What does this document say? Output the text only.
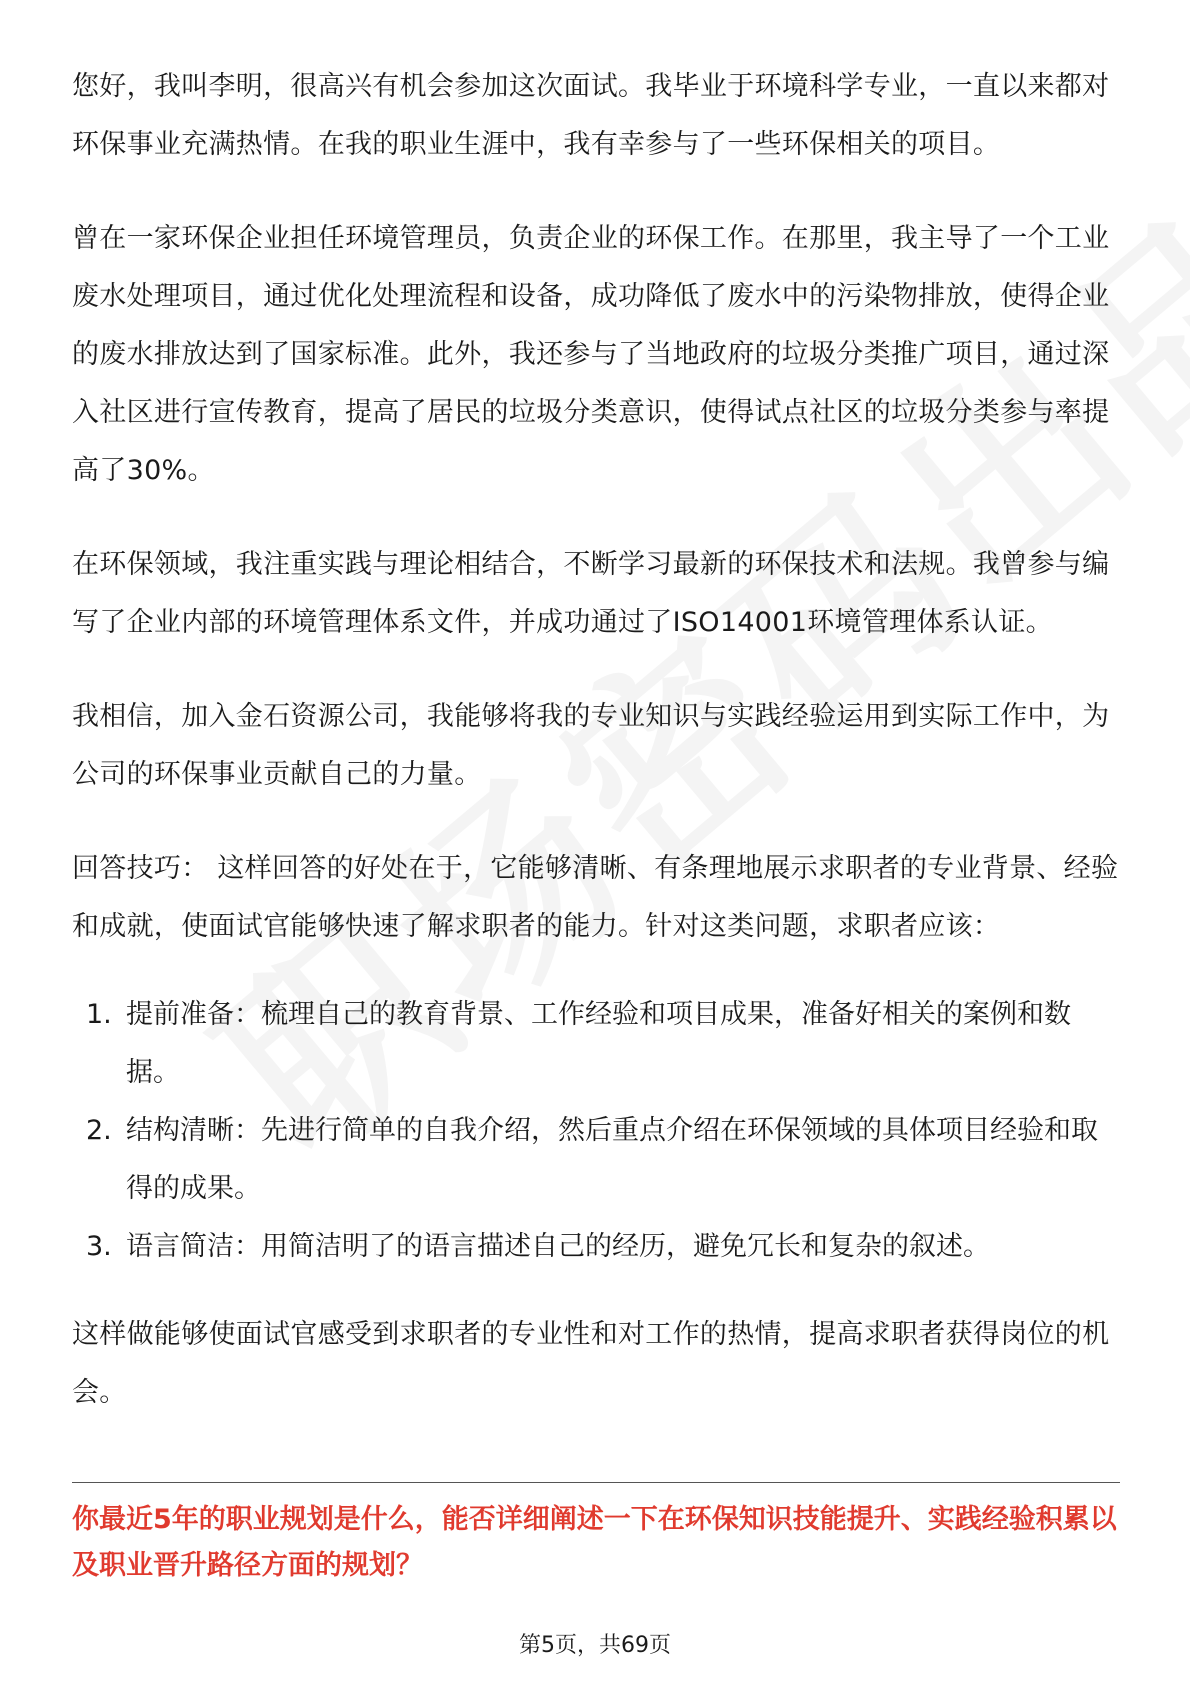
您好，我叫李明，很高兴有机会参加这次面试。我毕业于环境科学专业，一直以来都对环保事业充满热情。在我的职业生涯中，我有幸参与了一些环保相关的项目。

曾在一家环保企业担任环境管理员，负责企业的环保工作。在那里，我主导了一个工业废水处理项目，通过优化处理流程和设备，成功降低了废水中的污染物排放，使得企业的废水排放达到了国家标准。此外，我还参与了当地政府的垃圾分类推广项目，通过深入社区进行宣传教育，提高了居民的垃圾分类意识，使得试点社区的垃圾分类参与率提高了30%。

在环保领域，我注重实践与理论相结合，不断学习最新的环保技术和法规。我曾参与编写了企业内部的环境管理体系文件，并成功通过了ISO14001环境管理体系认证。

我相信，加入金石资源公司，我能够将我的专业知识与实践经验运用到实际工作中，为公司的环保事业贡献自己的力量。

回答技巧： 这样回答的好处在于，它能够清晰、有条理地展示求职者的专业背景、经验和成就，使面试官能够快速了解求职者的能力。针对这类问题，求职者应该：

1. 提前准备：梳理自己的教育背景、工作经验和项目成果，准备好相关的案例和数据。
2. 结构清晰：先进行简单的自我介绍，然后重点介绍在环保领域的具体项目经验和取得的成果。
3. 语言简洁：用简洁明了的语言描述自己的经历，避免冗长和复杂的叙述。

这样做能够使面试官感受到求职者的专业性和对工作的热情，提高求职者获得岗位的机会。

你最近5年的职业规划是什么，能否详细阐述一下在环保知识技能提升、实践经验积累以及职业晋升路径方面的规划？

第5页，共69页
